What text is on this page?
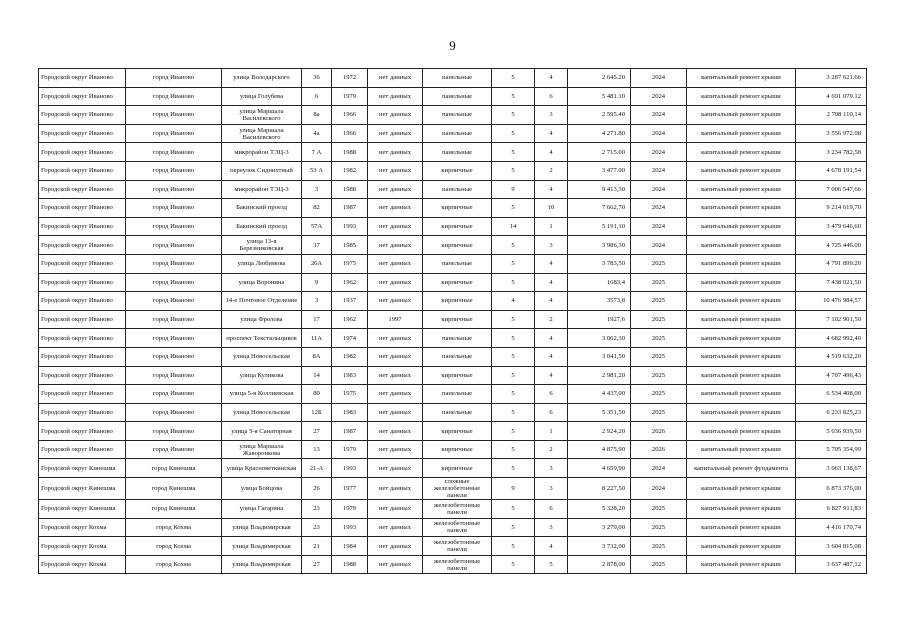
9
Городской округ Иваново	город Иваново	улица Володарского	36	1972	нет данных	панельные	5	4	2 645.20	2024	капитальный ремонт крыши	3 287 621.66
Городской округ Иваново	город Иваново	улица Голубева	6	1979	нет данных	панельные	5	6	5 481.10	2024	капитальный ремонт крыши	4 691 079.12
Городской округ Иваново	город Иваново	улица Маршала Василевского	8а	1966	нет данных	панельные	5	3	2 595.40	2024	капитальный ремонт крыши	2 708 110,14
Городской округ Иваново	город Иваново	улица Маршала Василевского	4а	1966	нет данных	панельные	5	4	4 271.80	2024	капитальный ремонт крыши	3 556 972.08
Городской округ Иваново	город Иваново	микрорайон ТЭЦ-3	7 А	1988	нет данных	панельные	5	4	2 715.00	2024	капитальный ремонт крыши	3 234 782,58
Городской округ Иваново	город Иваново	переулок Сиднихтный	53 А	1982	нет данных	кирпичные	5	2	3 477.00	2024	капитальный ремонт крыши	4 678 191,54
Городской округ Иваново	город Иваново	микрорайон ТЭЦ-3	3	1988	нет данных	панельные	9	4	9 413,30	2024	капитальный ремонт крыши	7 006 547,66
Городской округ Иваново	город Иваново	Бакинский проезд	82	1987	нет данных	кирпичные	5	10	7 662,70	2024	капитальный ремонт крыши	9 214 619,70
Городской округ Иваново	город Иваново	Бакинский проезд	57А	1993	нет данных	кирпичные	14	1	5 191,10	2024	капитальный ремонт крыши	3 479 646,60
Городской округ Иваново	город Иваново	улица 13-я Березниковская	37	1985	нет данных	кирпичные	5	3	3 986,30	2024	капитальный ремонт крыши	4 725 446.00
Городской округ Иваново	город Иваново	улица Любимова	26А	1975	нет данных	панельные	5	4	3 783,50	2025	капитальный ремонт крыши	4 791 899.20
Городской округ Иваново	город Иваново	улица Воронина	9	1962	нет данных	кирпичные	5	4	1683,4	2025	капитальный ремонт крыши	7 438 021,50
Городской округ Иваново	город Иваново	14-е Почтовое Отделение	3	1937	нет данных	кирпичные	4	4	3573,8	2025	капитальный ремонт крыши	10 476 984,57
Городской округ Иваново	город Иваново	улица Фролова	17	1962	1997	кирпичные	5	2	1927,6	2025	капитальный ремонт крыши	7 102 901,50
Городской округ Иваново	город Иваново	проспект Текстильщиков	11А	1974	нет данных	панельные	5	4	3 062,30	2025	капитальный ремонт крыши	4 682 992,40
Городской округ Иваново	город Иваново	улица Новосельская	8А	1982	нет данных	панельные	5	4	3 041,50	2025	капитальный ремонт крыши	4 519 632,20
Городской округ Иваново	город Иваново	улица Куликова	14	1983	нет данных	кирпичные	5	4	2 981,20	2025	капитальный ремонт крыши	4 707 496,43
Городской округ Иваново	город Иваново	улица 5-я Коллиевская	80	1975	нет данных	панельные	5	6	4 437,00	2025	капитальный ремонт крыши	6 534 408,00
Городской округ Иваново	город Иваново	улица Новосельская	12Б	1983	нет данных	панельные	5	6	5 351,50	2025	капитальный ремонт крыши	6 233 825,23
Городской округ Иваново	город Иваново	улица 5-я Санаторная	27	1987	нет данных	кирпичные	5	1	2 924,20	2026	капитальный ремонт крыши	5 036 939,50
Городской округ Иваново	город Иваново	улица Маршала Жаворонкова	13	1979	нет данных	кирпичные	5	2	4 875,90	2026	капитальный ремонт крыши	5 705 354,99
Городской округ Кинешма	город Кинешма	улица Красноветкинская	21-А	1993	нет данных	кирпичные	5	3	4 659,90	2024	капитальный ремонт фундамента	3 063 138,67
Городской округ Кинешма	город Кинешма	улица Бойцова	26	1977	нет данных	сложные железобетонные панели	9	3	8 227,50	2024	капитальный ремонт крыши	6 873 376,00
Городской округ Кинешма	город Кинешма	улица Гагарина	23	1979	нет данных	железобетонные панели	5	6	5 328,20	2025	капитальный ремонт крыши	6 827 911,83
Городской округ Кохма	город Кохма	улица Владимирская	23	1993	нет данных	железобетонные панели	5	3	3 279,00	2025	капитальный ремонт крыши	4 416 170,74
Городской округ Кохма	город Кохма	улица Владимирская	21	1984	нет данных	железобетонные панели	5	4	3 732,00	2025	капитальный ремонт крыши	3 604 815,08
Городской округ Кохма	город Кохма	улица Владимирская	27	1988	нет данных	железобетонные панели	5	5	2 878,00	2025	капитальный ремонт крыши	3 637 487,12
